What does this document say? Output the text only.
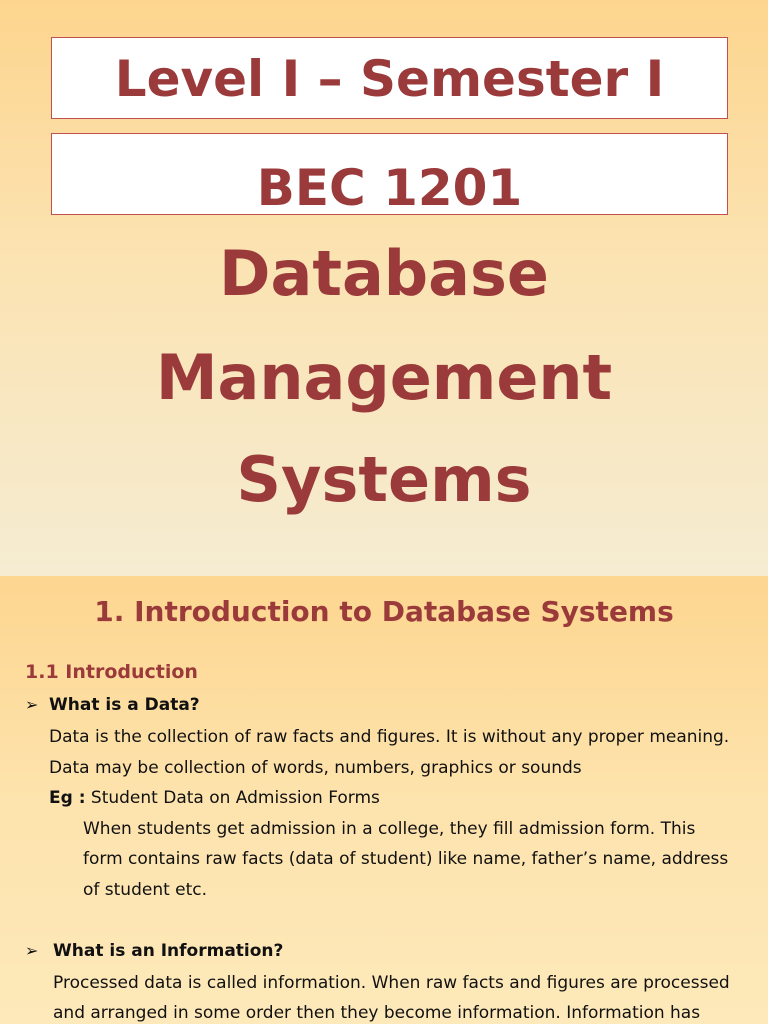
Level I – Semester I
BEC 1201
Database
Management
Systems
1. Introduction to Database Systems
1.1 Introduction
➢ What is a Data?
Data is the collection of raw facts and figures. It is without any proper meaning.
Data may be collection of words, numbers, graphics or sounds
Eg : Student Data on Admission Forms
When students get admission in a college, they fill admission form. This
form contains raw facts (data of student) like name, father’s name, address
of student etc.
➢ What is an Information?
Processed data is called information. When raw facts and figures are processed
and arranged in some order then they become information. Information has
